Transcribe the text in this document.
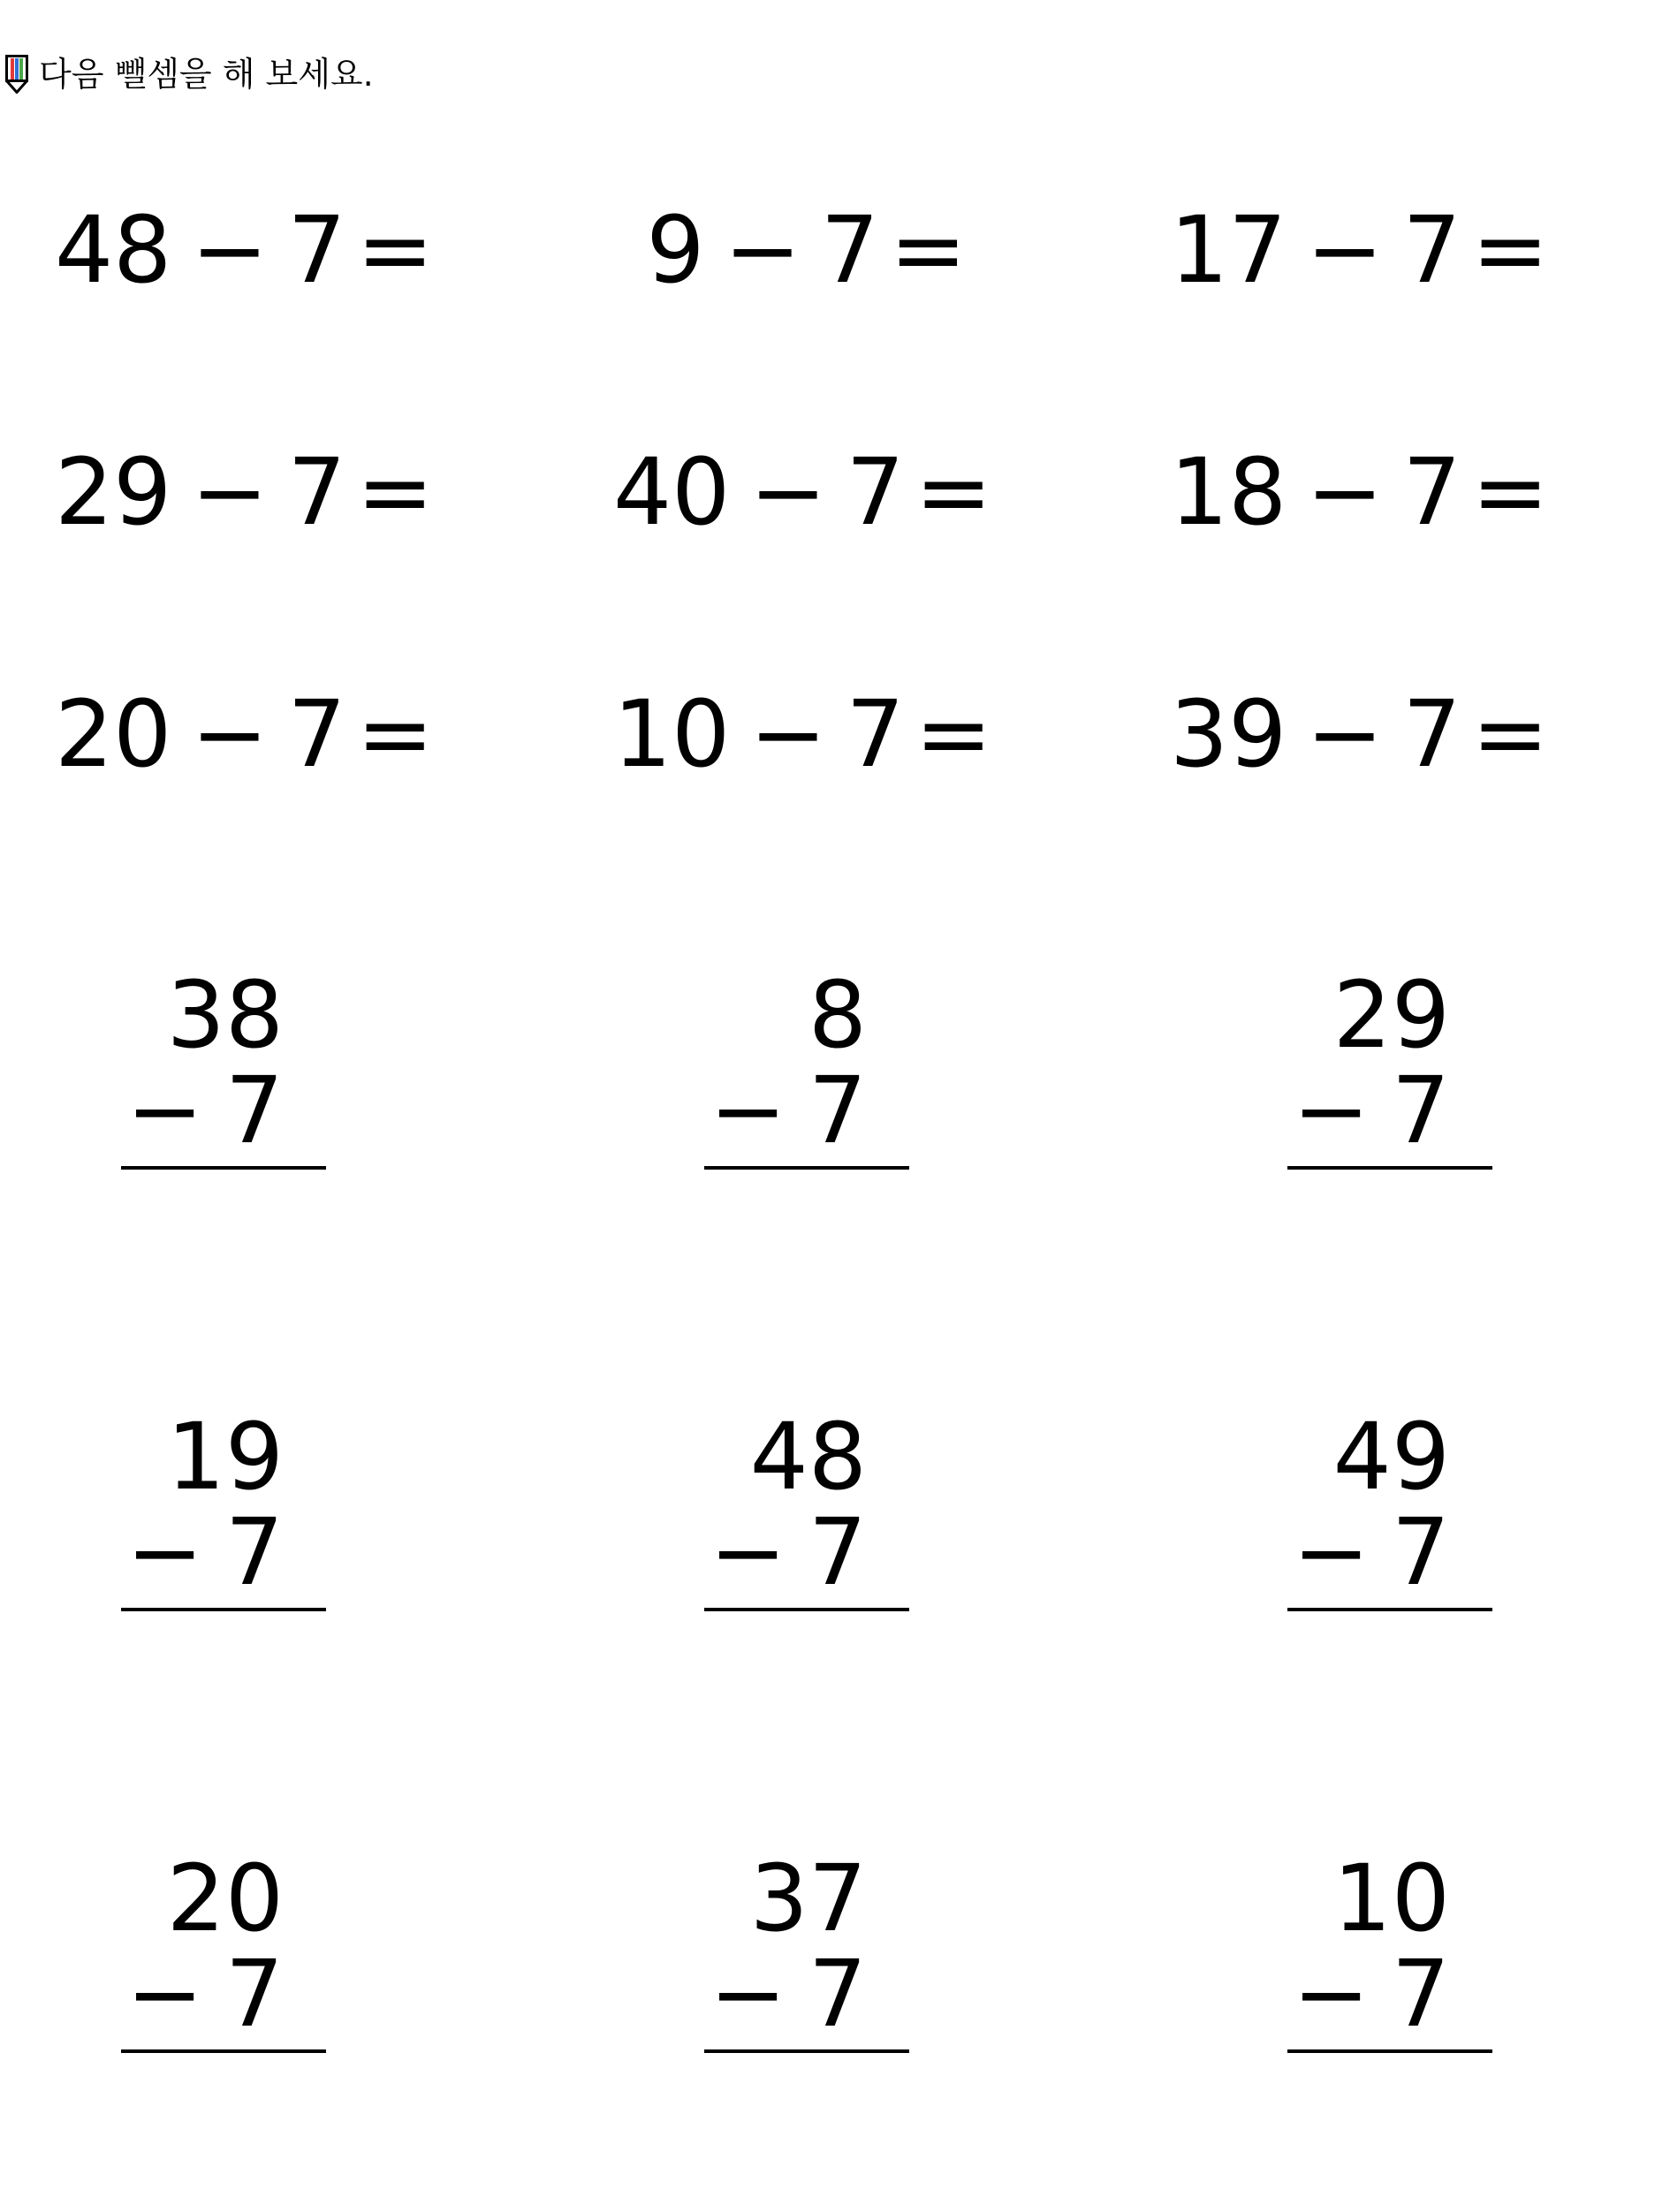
다음 뺄셈을 해 보세요.
48 − 7 =	9 − 7 = 17 − 7 =
29 − 7 = 40 − 7 = 18 − 7 =
20 − 7 = 10 − 7 = 39 − 7 =
38
− 7
8
− 7
29
− 7
19
− 7
48
− 7
49
− 7
20
− 7
37
− 7
10
− 7
